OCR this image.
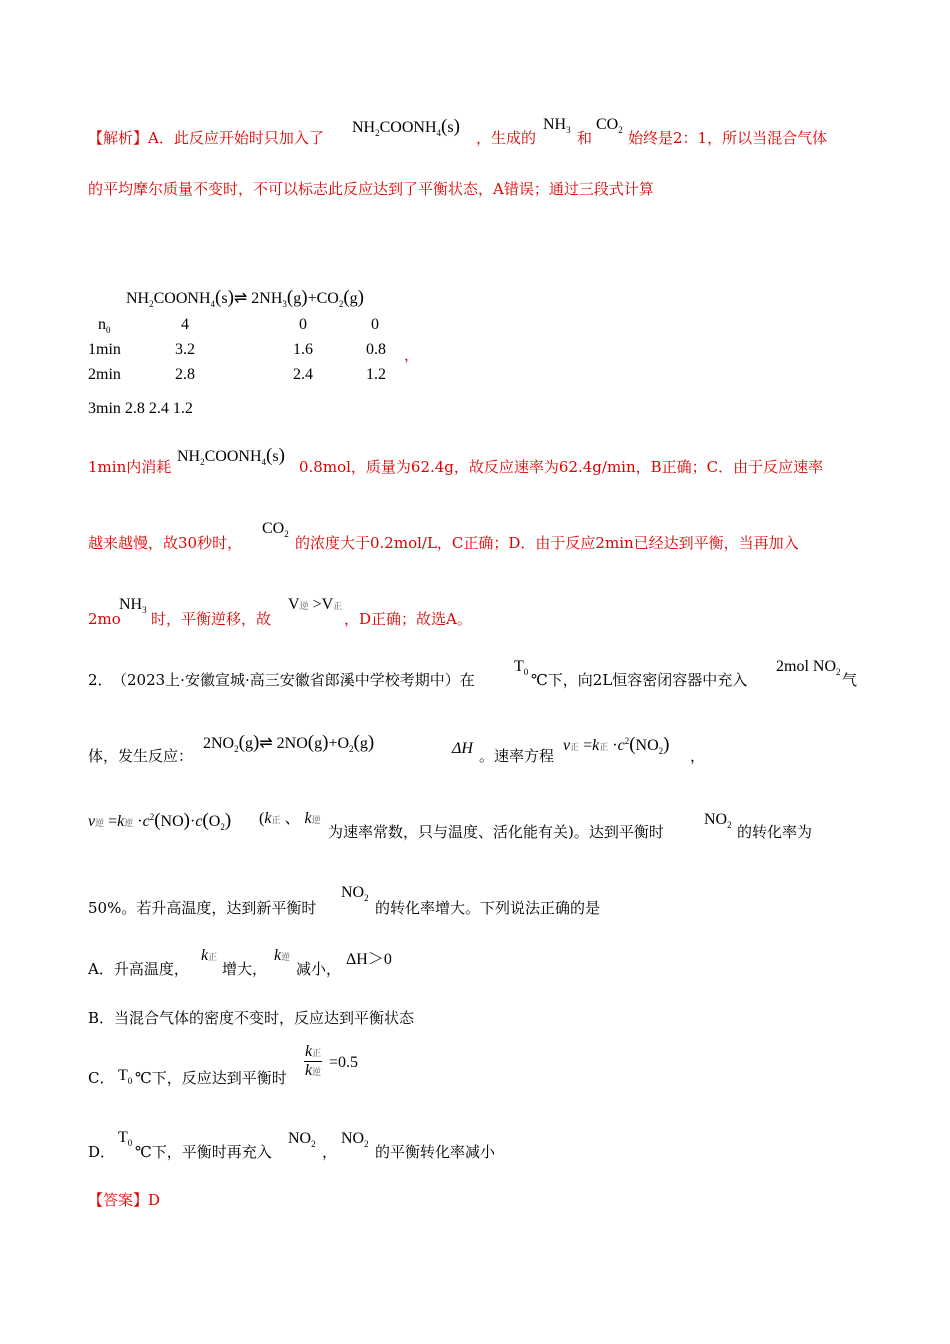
【解析】A．此反应开始时只加入了
$NH_2COONH_4(s)$
，生成的
$NH_3$ 和
$CO_2$ 始终是2：1，所以当混合气体
的平均摩尔质量不变时，不可以标志此反应达到了平衡状态，A错误；通过三段式计算
$NH_2COONH_4(s)\rightleftharpoons$ $2NH_3(g)+CO_2(g)$
$n_0$	4	0	0
1min	3.2	1.6	0.8 ，
2min	2.8	2.4	1.2
3min 2.8 2.4 1.2
1min内消耗
$NH_2COONH_4(s)$
0.8mol，质量为62.4g，故反应速率为62.4g/min，B正确；C．由于反应速率
越来越慢，故30秒时，
$CO_2$ 的浓度大于0.2mol/L，C正确；D．由于反应2min已经达到平衡，当再加入
2mo
$NH_3$ 时，平衡逆移，故
V逆 >V正
，D正确；故选A。
2． （2023上·安徽宣城·高三安徽省郎溪中学校考期中）在
$T_0$ ℃下，向2L恒容密闭容器中充入
2mol $NO_2$ 气
体，发生反应：
$2NO_2(g)\rightleftharpoons$ $2NO(g)+O_2(g)$	ΔH 。速率方程
v正 =k正 $\cdot c^2(NO_2)$
，
v逆 =k逆 $\cdot c^2(NO)\cdot c(O_2)$ (k正 、 k逆
为速率常数，只与温度、活化能有关)。达到平衡时
$NO_2$ 的转化率为
50%。若升高温度，达到新平衡时
$NO_2$
的转化率增大。下列说法正确的是
A．升高温度，
k正
增大，
k逆
减小，
ΔH＞0
B．当混合气体的密度不变时，反应达到平衡状态
C． $T_0$ ℃下，反应达到平衡时
k正
k逆
=0.5
D．
$T_0$ ℃下，平衡时再充入
$NO_2$ ，
$NO_2$ 的平衡转化率减小
【答案】D
